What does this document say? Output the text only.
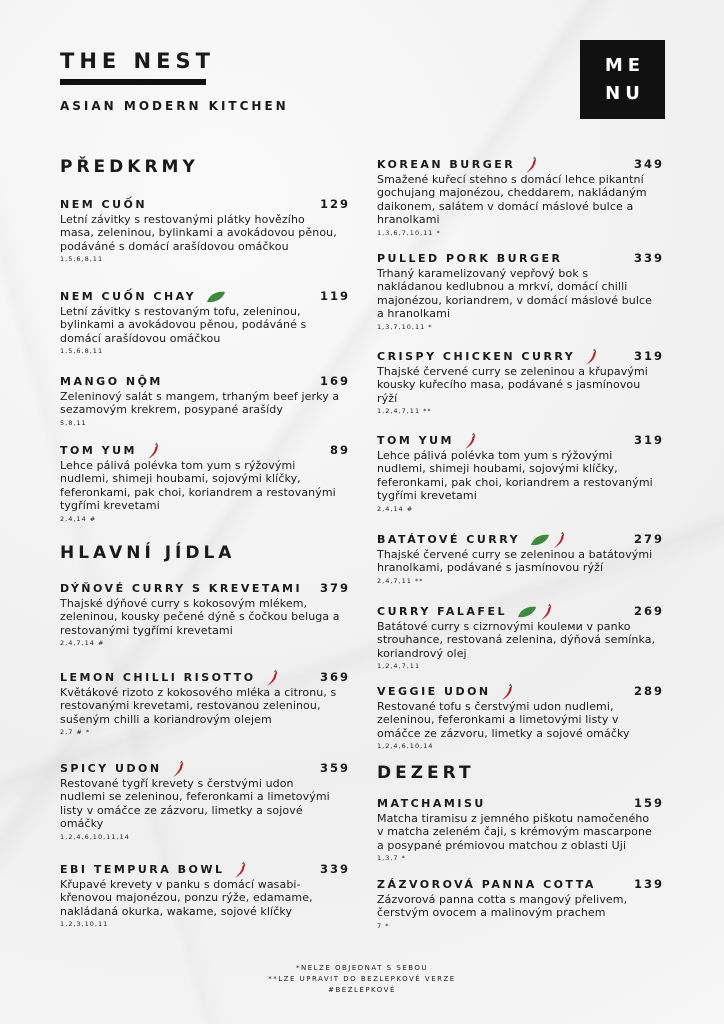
THE NEST
ASIAN MODERN KITCHEN
ME
NU
PŘEDKRMY
HLAVNÍ JÍDLA
DEZERT
NEM CUỐN	129
Letní závitky s restovanými plátky hovězího
masa, zeleninou, bylinkami a avokádovou pěnou,
podáváné s domácí arašídovou omáčkou
1,5,6,8,11
NEM CUỐN CHAY	119
Letní závitky s restovaným tofu, zeleninou,
bylinkami a avokádovou pěnou, podáváné s
domácí arašídovou omáčkou
1,5,6,8,11
MANGO NỘM	169
Zeleninový salát s mangem, trhaným beef jerky a
sezamovým krekrem, posypané arašídy
5,8,11
TOM YUM	89
Lehce pálivá polévka tom yum s rýžovými
nudlemi, shimeji houbami, sojovými klíčky,
feferonkami, pak choi, koriandrem a restovanými
tygřími krevetami
2,4,14 #
DÝŇOVÉ CURRY S KREVETAMI 379
Thajské dýňové curry s kokosovým mlékem,
zeleninou, kousky pečené dýně s čočkou beluga a
restovanými tygřími krevetami
2,4,7,14 #
LEMON CHILLI RISOTTO	369
Květákové rizoto z kokosového mléka a citronu, s
restovanými krevetami, restovanou zeleninou,
sušeným chilli a koriandrovým olejem
2,7 # *
SPICY UDON	359
Restované tygří krevety s čerstvými udon
nudlemi se zeleninou, feferonkami a limetovými
listy v omáčce ze zázvoru, limetky a sojové
omáčky
1,2,4,6,10,11,14
EBI TEMPURA BOWL	339
Křupavé krevety v panku s domácí wasabi-
křenovou majonézou, ponzu rýže, edamame,
nakládaná okurka, wakame, sojové klíčky
1,2,3,10,11
KOREAN BURGER	349
Smažené kuřecí stehno s domácí lehce pikantní
gochujang majonézou, cheddarem, nakládaným
daikonem, salátem v domácí máslové bulce a
hranolkami
1,3,6,7,10,11 *
PULLED PORK BURGER	339
Trhaný karamelizovaný vepřový bok s
nakládanou kedlubnou a mrkví, domácí chilli
majonézou, koriandrem, v domácí máslové bulce
a hranolkami
1,3,7,10,11 *
CRISPY CHICKEN CURRY	319
Thajské červené curry se zeleninou a křupavými
kousky kuřecího masa, podávané s jasmínovou
rýží
1,2,4,7,11 **
TOM YUM	319
Lehce pálivá polévka tom yum s rýžovými
nudlemi, shimeji houbami, sojovými klíčky,
feferonkami, pak choi, koriandrem a restovanými
tygřími krevetami
2,4,14 #
BATÁTOVÉ CURRY	279
Thajské červené curry se zeleninou a batátovými
hranolkami, podávané s jasmínovou rýží
2,4,7,11 **
CURRY FALAFEL	269
Batátové curry s cizrnovými kouleми v panko
strouhance, restovaná zelenina, dýňová semínka,
koriandrový olej
1,2,4,7,11
VEGGIE UDON	289
Restované tofu s čerstvými udon nudlemi,
zeleninou, feferonkami a limetovými listy v
omáčce ze zázvoru, limetky a sojové omáčky
1,2,4,6,10,14
MATCHAMISU	159
Matcha tiramisu z jemného piškotu namočeného
v matcha zeleném čaji, s krémovým mascarpone
a posypané prémiovou matchou z oblasti Uji
1,3,7 *
ZÁZVOROVÁ PANNA COTTA	139
Zázvorová panna cotta s mangový přelivem,
čerstvým ovocem a malinovým prachem
7 *
*NELZE OBJEDNAT S SEBOU
**LZE UPRAVIT DO BEZLEPKOVÉ VERZE
#BEZLEPKOVÉ
